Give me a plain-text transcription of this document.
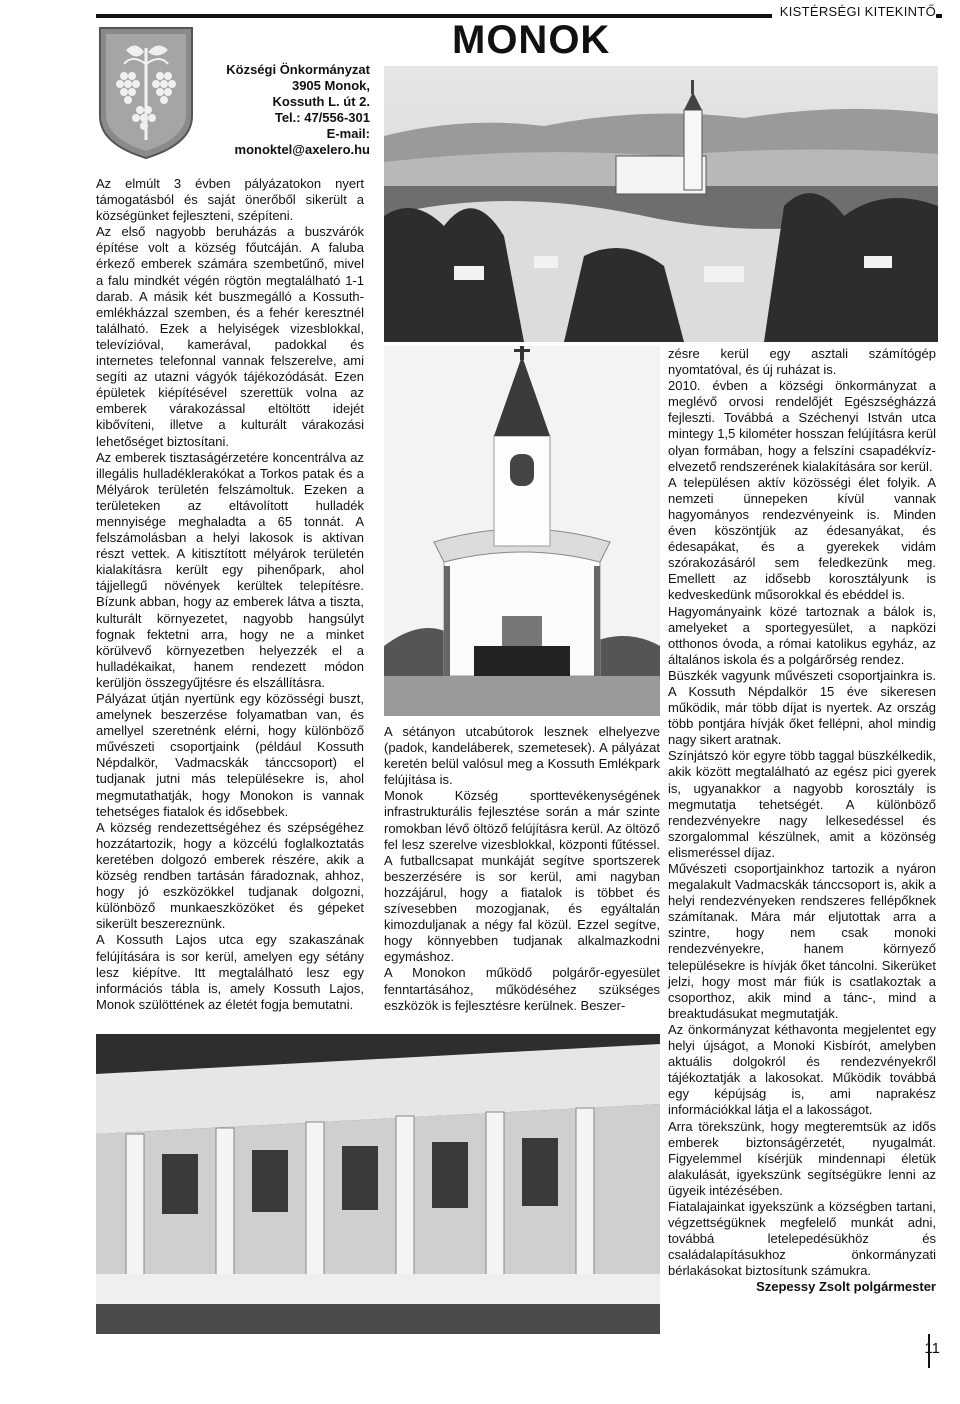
KISTÉRSÉGI KITEKINTŐ
MONOK
Községi Önkormányzat
3905 Monok,
Kossuth L. út 2.
Tel.: 47/556-301
E-mail:
monoktel@axelero.hu

Az elmúlt 3 évben pályázatokon nyert támogatásból és saját önerőből sikerült a községünket fejleszteni, szépíteni.

Az első nagyobb beruházás a buszvárók építése volt a község főutcáján. A faluba érkező emberek számára szembetűnő, mivel a falu mindkét végén rögtön megtalálható 1-1 darab. A másik két buszmegálló a Kossuth-emlékházzal szemben, és a fehér keresztnél található. Ezek a helyiségek vizesblokkal, televízióval, kamerával, padokkal és internetes telefonnal vannak felszerelve, ami segíti az utazni vágyók tájékozódását. Ezen épületek kiépítésével szerettük volna az emberek várakozással eltöltött idejét kibővíteni, illetve a kulturált várakozási lehetőséget biztosítani.

Az emberek tisztaságérzetére koncentrálva az illegális hulladéklerakókat a Torkos patak és a Mélyárok területén felszámoltuk. Ezeken a területeken az eltávolított hulladék mennyisége meghaladta a 65 tonnát. A felszámolásban a helyi lakosok is aktívan részt vettek. A kitisztított mélyárok területén kialakításra került egy pihenőpark, ahol tájjellegű növények kerültek telepítésre. Bízunk abban, hogy az emberek látva a tiszta, kulturált környezetet, nagyobb hangsúlyt fognak fektetni arra, hogy ne a minket körülvevő környezetben helyezzék el a hulladékaikat, hanem rendezett módon kerüljön összegyűjtésre és elszállításra.

Pályázat útján nyertünk egy közösségi buszt, amelynek beszerzése folyamatban van, és amellyel szeretnénk elérni, hogy különböző művészeti csoportjaink (például Kossuth Népdalkör, Vadmacskák tánccsoport) el tudjanak jutni más településekre is, ahol megmutathatják, hogy Monokon is vannak tehetséges fiatalok és idősebbek.

A község rendezettségéhez és szépségéhez hozzátartozik, hogy a közcélú foglalkoztatás keretében dolgozó emberek részére, akik a község rendben tartásán fáradoznak, ahhoz, hogy jó eszközökkel tudjanak dolgozni, különböző munkaeszközöket és gépeket sikerült beszereznünk.

A Kossuth Lajos utca egy szakaszának felújítására is sor kerül, amelyen egy sétány lesz kiépítve. Itt megtalálható lesz egy információs tábla is, amely Kossuth Lajos, Monok szülöttének az életét fogja bemutatni.

A sétányon utcabútorok lesznek elhelyezve (padok, kandeláberek, szemetesek). A pályázat keretén belül valósul meg a Kossuth Emlékpark felújítása is.

Monok Község sporttevékenységének infrastrukturális fejlesztése során a már szinte romokban lévő öltöző felújításra kerül. Az öltöző fel lesz szerelve vizesblokkal, központi fűtéssel. A futballcsapat munkáját segítve sportszerek beszerzésére is sor kerül, ami nagyban hozzájárul, hogy a fiatalok is többet és szívesebben mozogjanak, és egyáltalán kimozduljanak a négy fal közül. Ezzel segítve, hogy könnyebben tudjanak alkalmazkodni egymáshoz.

A Monokon működő polgárőr-egyesület fenntartásához, működéséhez szükséges eszközök is fejlesztésre kerülnek. Beszer-

zésre kerül egy asztali számítógép nyomtatóval, és új ruházat is.

2010. évben a községi önkormányzat a meglévő orvosi rendelőjét Egészségházzá fejleszti. Továbbá a Széchenyi István utca mintegy 1,5 kilométer hosszan felújításra kerül olyan formában, hogy a felszíni csapadékvíz-elvezető rendszerének kialakítására sor kerül.

A településen aktív közösségi élet folyik. A nemzeti ünnepeken kívül vannak hagyományos rendezvényeink is. Minden éven köszöntjük az édesanyákat, és édesapákat, és a gyerekek vidám szórakozásáról sem feledkezünk meg. Emellett az idősebb korosztályunk is kedveskedünk műsorokkal és ebéddel is.

Hagyományaink közé tartoznak a bálok is, amelyeket a sportegyesület, a napközi otthonos óvoda, a római katolikus egyház, az általános iskola és a polgárőrség rendez.

Büszkék vagyunk művészeti csoportjainkra is. A Kossuth Népdalkör 15 éve sikeresen működik, már több díjat is nyertek. Az ország több pontjára hívják őket fellépni, ahol mindig nagy sikert aratnak.

Színjátszó kör egyre több taggal büszkélkedik, akik között megtalálható az egész pici gyerek is, ugyanakkor a nagyobb korosztály is megmutatja tehetségét. A különböző rendezvényekre nagy lelkesedéssel és szorgalommal készülnek, amit a közönség elismeréssel díjaz.

Művészeti csoportjainkhoz tartozik a nyáron megalakult Vadmacskák tánccsoport is, akik a helyi rendezvényeken rendszeres fellépőknek számítanak. Mára már eljutottak arra a szintre, hogy nem csak monoki rendezvényekre, hanem környező településekre is hívják őket táncolni. Sikerüket jelzi, hogy most már fiúk is csatlakoztak a csoporthoz, akik mind a tánc-, mind a breaktudásukat megmutatják.

Az önkormányzat kéthavonta megjelentet egy helyi újságot, a Monoki Kisbírót, amelyben aktuális dolgokról és rendezvényekről tájékoztatják a lakosokat. Működik továbbá egy képújság is, ami naprakész információkkal látja el a lakosságot.

Arra törekszünk, hogy megteremtsük az idős emberek biztonságérzetét, nyugalmát. Figyelemmel kísérjük mindennapi életük alakulását, igyekszünk segítségükre lenni az ügyeik intézésében.

Fiatalajainkat igyekszünk a községben tartani, végzettségüknek megfelelő munkát adni, továbbá letelepedésükhöz és családalapításukhoz önkormányzati bérlakásokat biztosítunk számukra.

Szepessy Zsolt polgármester

11
